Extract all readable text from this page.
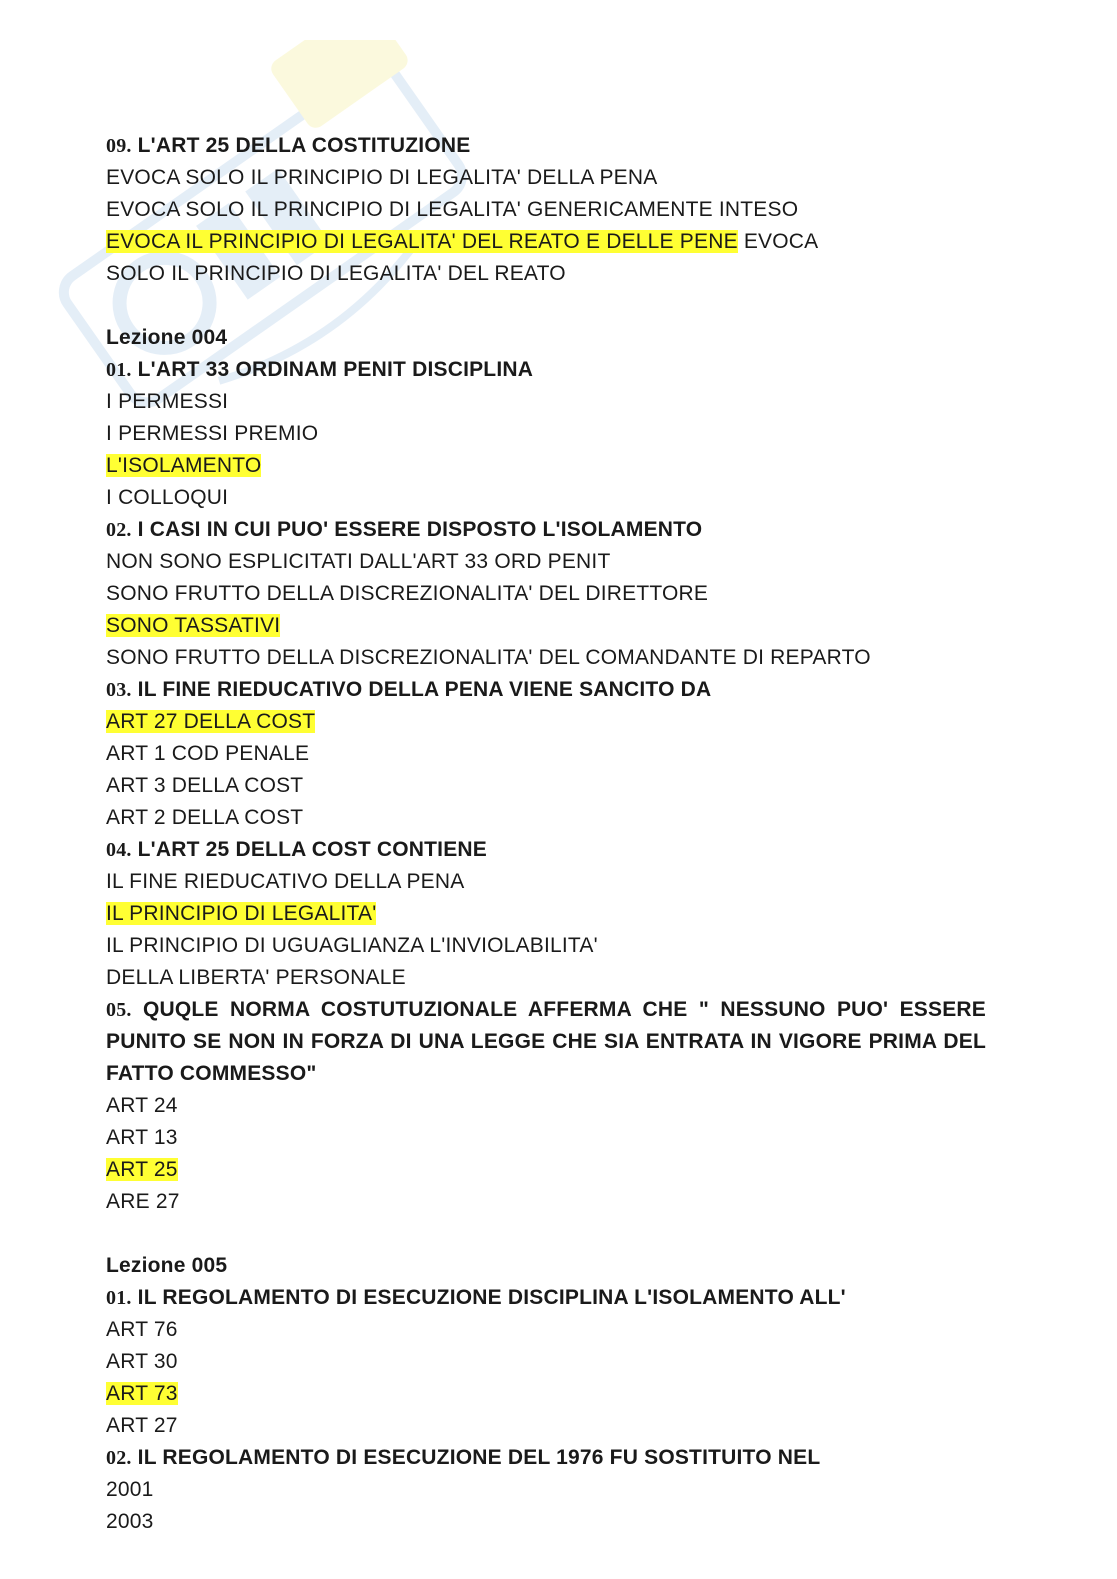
09. L'ART 25 DELLA COSTITUZIONE
EVOCA SOLO IL PRINCIPIO DI LEGALITA' DELLA PENA
EVOCA SOLO IL PRINCIPIO DI LEGALITA' GENERICAMENTE INTESO
EVOCA IL PRINCIPIO DI LEGALITA' DEL REATO E DELLE PENE EVOCA
SOLO IL PRINCIPIO DI LEGALITA' DEL REATO
Lezione 004
01. L'ART 33 ORDINAM PENIT DISCIPLINA
I PERMESSI
I PERMESSI PREMIO
L'ISOLAMENTO
I COLLOQUI
02. I CASI IN CUI PUO' ESSERE DISPOSTO L'ISOLAMENTO
NON SONO ESPLICITATI DALL'ART 33 ORD PENIT
SONO FRUTTO DELLA DISCREZIONALITA' DEL DIRETTORE
SONO TASSATIVI
SONO FRUTTO DELLA DISCREZIONALITA' DEL COMANDANTE DI REPARTO
03. IL FINE RIEDUCATIVO DELLA PENA VIENE SANCITO DA
ART 27 DELLA COST
ART 1 COD PENALE
ART 3 DELLA COST
ART 2 DELLA COST
04. L'ART 25 DELLA COST CONTIENE
IL FINE RIEDUCATIVO DELLA PENA
IL PRINCIPIO DI LEGALITA'
IL PRINCIPIO DI UGUAGLIANZA L'INVIOLABILITA'
DELLA LIBERTA' PERSONALE
05. QUQLE NORMA COSTUTUZIONALE AFFERMA CHE " NESSUNO PUO' ESSERE PUNITO SE NON IN FORZA DI UNA LEGGE CHE SIA ENTRATA IN VIGORE PRIMA DEL FATTO COMMESSO"
ART 24
ART 13
ART 25
ARE 27
Lezione 005
01. IL REGOLAMENTO DI ESECUZIONE DISCIPLINA L'ISOLAMENTO ALL'
ART 76
ART 30
ART 73
ART 27
02. IL REGOLAMENTO DI ESECUZIONE DEL 1976 FU SOSTITUITO NEL
2001
2003
